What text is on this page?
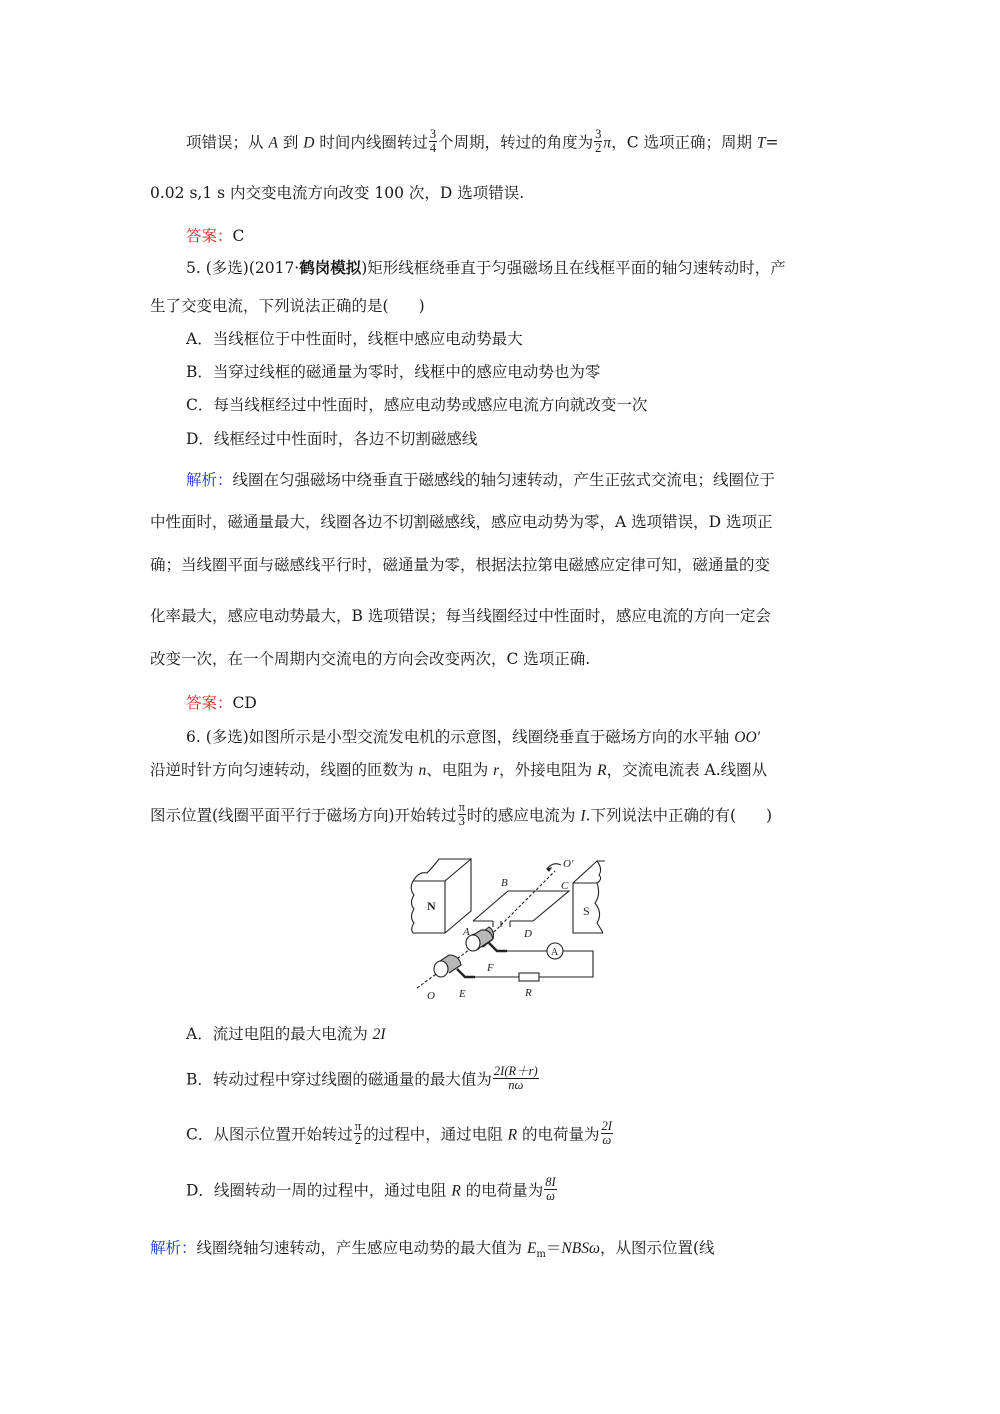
项错误；从 A 到 D 时间内线圈转过 $\frac{3}{4}$ 个周期，转过的角度为 $\frac{3}{2}$ π，C 选项正确；周期 T=
0.02 s,1 s 内交变电流方向改变 100 次，D 选项错误.
答案：C
5. (多选)(2017·鹤岗模拟)矩形线框绕垂直于匀强磁场且在线框平面的轴匀速转动时，产
生了交变电流，下列说法正确的是( )
A．当线框位于中性面时，线框中感应电动势最大
B．当穿过线框的磁通量为零时，线框中的感应电动势也为零
C．每当线框经过中性面时，感应电动势或感应电流方向就改变一次
D．线框经过中性面时，各边不切割磁感线
解析：线圈在匀强磁场中绕垂直于磁感线的轴匀速转动，产生正弦式交流电；线圈位于
中性面时，磁通量最大，线圈各边不切割磁感线，感应电动势为零，A 选项错误，D 选项正
确；当线圈平面与磁感线平行时，磁通量为零，根据法拉第电磁感应定律可知，磁通量的变
化率最大，感应电动势最大，B 选项错误；每当线圈经过中性面时，感应电流的方向一定会
改变一次，在一个周期内交流电的方向会改变两次，C 选项正确.
答案：CD
6. (多选)如图所示是小型交流发电机的示意图，线圈绕垂直于磁场方向的水平轴 OO′
沿逆时针方向匀速转动，线圈的匝数为 n、电阻为 r，外接电阻为 R，交流电流表 A.线圈从
图示位置(线圈平面平行于磁场方向)开始转过 $\frac{\pi}{3}$ 时的感应电流为 I.下列说法中正确的有( )
N	S
A
B	C
A	D
F
E
O
O′
R
A．流过电阻的最大电流为 2I
B．转动过程中穿过线圈的磁通量的最大值为 $\frac{2I(R+r)}{n\omega}$
C．从图示位置开始转过 $\frac{\pi}{2}$ 的过程中，通过电阻 R 的电荷量为 $\frac{2I}{\omega}$
D．线圈转动一周的过程中，通过电阻 R 的电荷量为 $\frac{8I}{\omega}$
解析：线圈绕轴匀速转动，产生感应电动势的最大值为 $E_m=NBS\omega$，从图示位置(线
